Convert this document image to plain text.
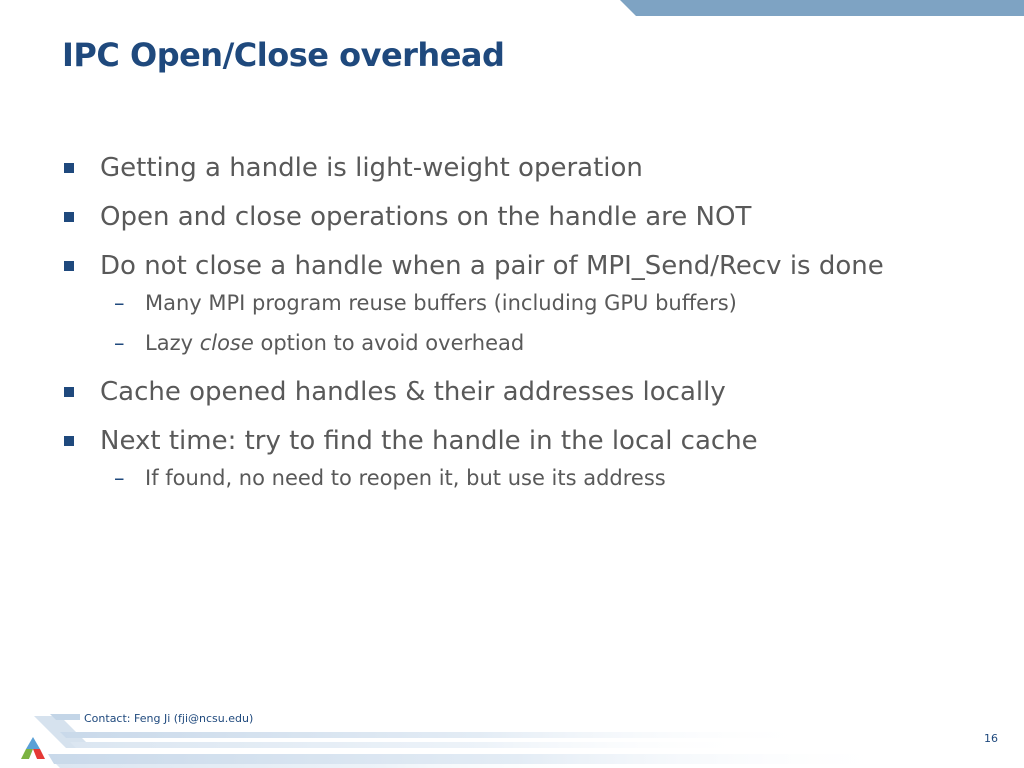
IPC Open/Close overhead
Getting a handle is light-weight operation
Open and close operations on the handle are NOT
Do not close a handle when a pair of MPI_Send/Recv is done
– Many MPI program reuse buffers (including GPU buffers)
– Lazy close option to avoid overhead
Cache opened handles & their addresses locally
Next time: try to find the handle in the local cache
– If found, no need to reopen it, but use its address
Contact: Feng Ji (fji@ncsu.edu)
16
